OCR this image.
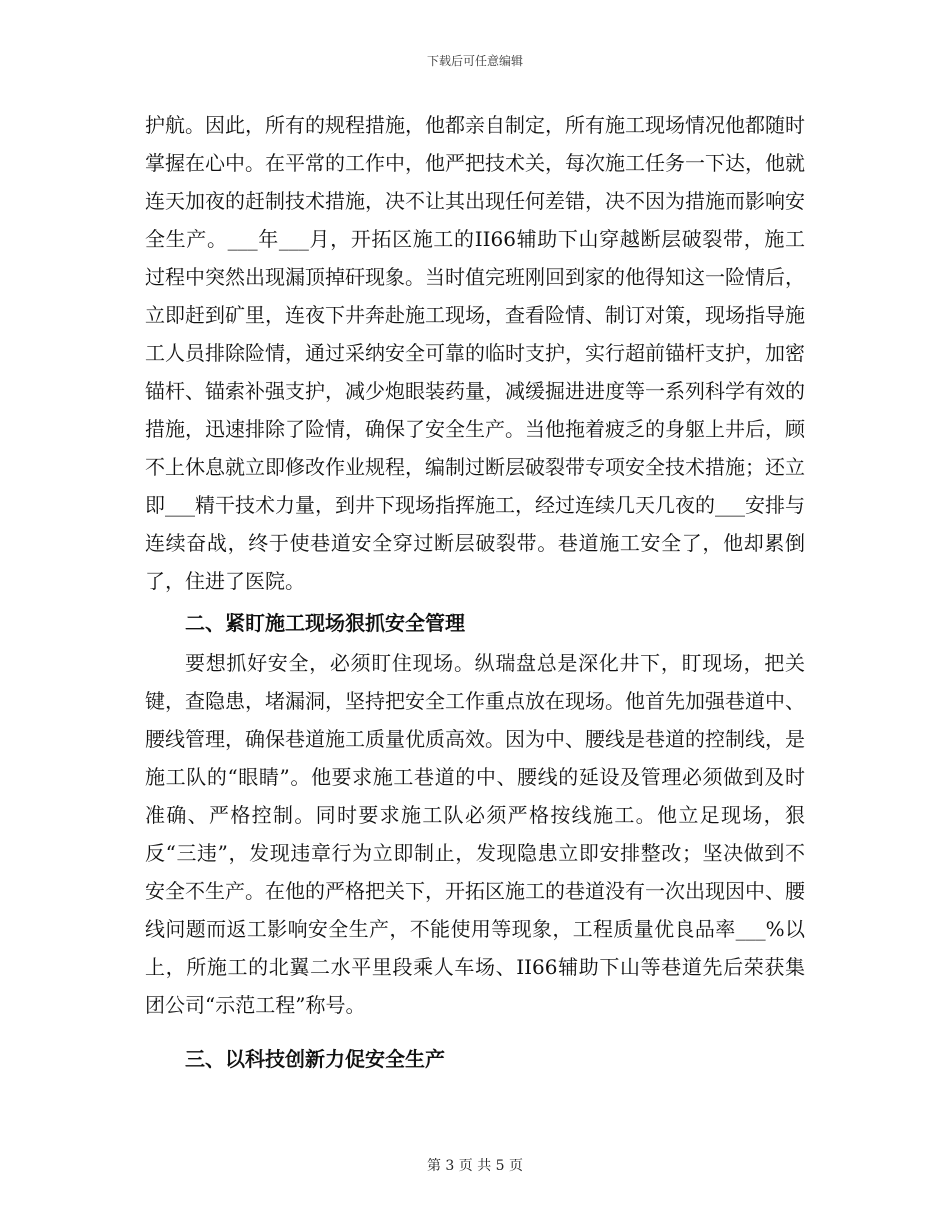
下载后可任意编辑

护航。因此，所有的规程措施，他都亲自制定，所有施工现场情况他都随时掌握在心中。在平常的工作中，他严把技术关，每次施工任务一下达，他就连天加夜的赶制技术措施，决不让其出现任何差错，决不因为措施而影响安全生产。___年___月，开拓区施工的II66辅助下山穿越断层破裂带，施工过程中突然出现漏顶掉矸现象。当时值完班刚回到家的他得知这一险情后，立即赶到矿里，连夜下井奔赴施工现场，查看险情、制订对策，现场指导施工人员排除险情，通过采纳安全可靠的临时支护，实行超前锚杆支护，加密锚杆、锚索补强支护，减少炮眼装药量，减缓掘进进度等一系列科学有效的措施，迅速排除了险情，确保了安全生产。当他拖着疲乏的身躯上井后，顾不上休息就立即修改作业规程，编制过断层破裂带专项安全技术措施；还立即___精干技术力量，到井下现场指挥施工，经过连续几天几夜的___安排与连续奋战，终于使巷道安全穿过断层破裂带。巷道施工安全了，他却累倒了，住进了医院。

二、紧盯施工现场狠抓安全管理

要想抓好安全，必须盯住现场。纵瑞盘总是深化井下，盯现场，把关键，查隐患，堵漏洞，坚持把安全工作重点放在现场。他首先加强巷道中、腰线管理，确保巷道施工质量优质高效。因为中、腰线是巷道的控制线，是施工队的“眼睛”。他要求施工巷道的中、腰线的延设及管理必须做到及时准确、严格控制。同时要求施工队必须严格按线施工。他立足现场，狠反“三违”，发现违章行为立即制止，发现隐患立即安排整改；坚决做到不安全不生产。在他的严格把关下，开拓区施工的巷道没有一次出现因中、腰线问题而返工影响安全生产，不能使用等现象，工程质量优良品率___%以上，所施工的北翼二水平里段乘人车场、II66辅助下山等巷道先后荣获集团公司“示范工程”称号。

三、以科技创新力促安全生产

第 3 页 共 5 页
